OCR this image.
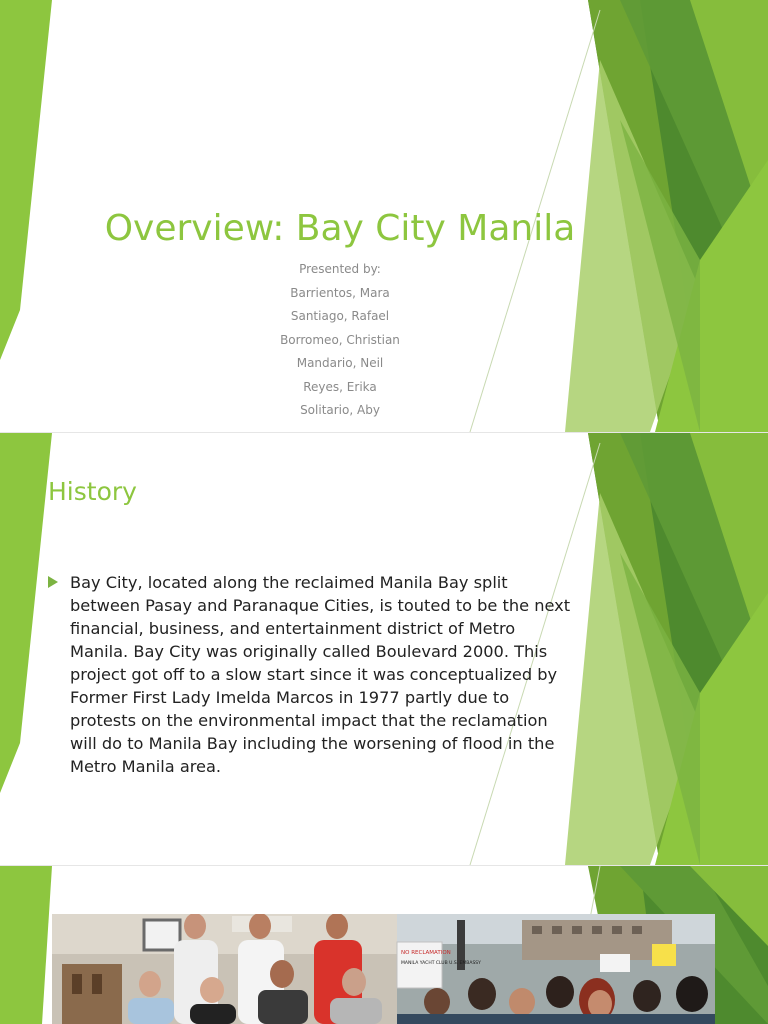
Overview: Bay City Manila
Presented by:
Barrientos, Mara
Santiago, Rafael
Borromeo, Christian
Mandario, Neil
Reyes, Erika
Solitario, Aby
History
Bay City, located along the reclaimed Manila Bay split between Pasay and Paranaque Cities, is touted to be the next financial, business, and entertainment district of Metro Manila. Bay City was originally called Boulevard 2000. This project got off to a slow start since it was conceptualized by Former First Lady Imelda Marcos in 1977 partly due to protests on the environmental impact that the reclamation will do to Manila Bay including the worsening of flood in the Metro Manila area.
NO RECLAMATION
MANILA YACHT CLUB U.S. EMBASSY
